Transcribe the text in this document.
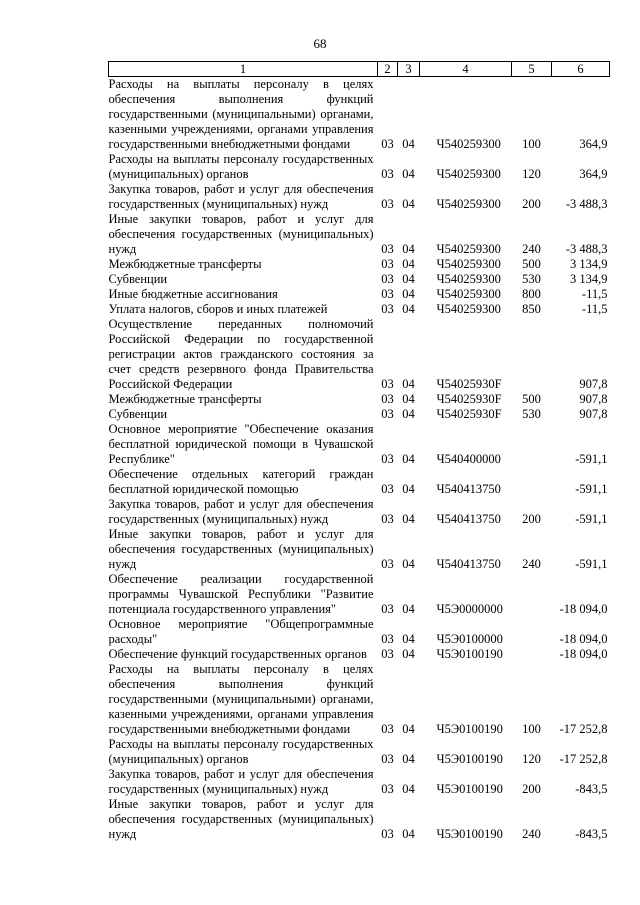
68
1	2	3	4	5	6
Расходы на выплаты персоналу в целях обеспечения выполнения функций государственными (муниципальными) органами, казенными учреждениями, органами управления государственными внебюджетными фондами	03	04	Ч540259300	100	364,9
Расходы на выплаты персоналу государственных (муниципальных) органов	03	04	Ч540259300	120	364,9
Закупка товаров, работ и услуг для обеспечения государственных (муниципальных) нужд	03	04	Ч540259300	200	-3 488,3
Иные закупки товаров, работ и услуг для обеспечения государственных (муниципальных) нужд	03	04	Ч540259300	240	-3 488,3
Межбюджетные трансферты	03	04	Ч540259300	500	3 134,9
Субвенции	03	04	Ч540259300	530	3 134,9
Иные бюджетные ассигнования	03	04	Ч540259300	800	-11,5
Уплата налогов, сборов и иных платежей	03	04	Ч540259300	850	-11,5
Осуществление переданных полномочий Российской Федерации по государственной регистрации актов гражданского состояния за счет средств резервного фонда Правительства Российской Федерации	03	04	Ч54025930F		907,8
Межбюджетные трансферты	03	04	Ч54025930F	500	907,8
Субвенции	03	04	Ч54025930F	530	907,8
Основное мероприятие "Обеспечение оказания бесплатной юридической помощи в Чувашской Республике"	03	04	Ч540400000		-591,1
Обеспечение отдельных категорий граждан бесплатной юридической помощью	03	04	Ч540413750		-591,1
Закупка товаров, работ и услуг для обеспечения государственных (муниципальных) нужд	03	04	Ч540413750	200	-591,1
Иные закупки товаров, работ и услуг для обеспечения государственных (муниципальных) нужд	03	04	Ч540413750	240	-591,1
Обеспечение реализации государственной программы Чувашской Республики "Развитие потенциала государственного управления"	03	04	Ч5Э0000000		-18 094,0
Основное мероприятие "Общепрограммные расходы"	03	04	Ч5Э0100000		-18 094,0
Обеспечение функций государственных органов	03	04	Ч5Э0100190		-18 094,0
Расходы на выплаты персоналу в целях обеспечения выполнения функций государственными (муниципальными) органами, казенными учреждениями, органами управления государственными внебюджетными фондами	03	04	Ч5Э0100190	100	-17 252,8
Расходы на выплаты персоналу государственных (муниципальных) органов	03	04	Ч5Э0100190	120	-17 252,8
Закупка товаров, работ и услуг для обеспечения государственных (муниципальных) нужд	03	04	Ч5Э0100190	200	-843,5
Иные закупки товаров, работ и услуг для обеспечения государственных (муниципальных) нужд	03	04	Ч5Э0100190	240	-843,5
